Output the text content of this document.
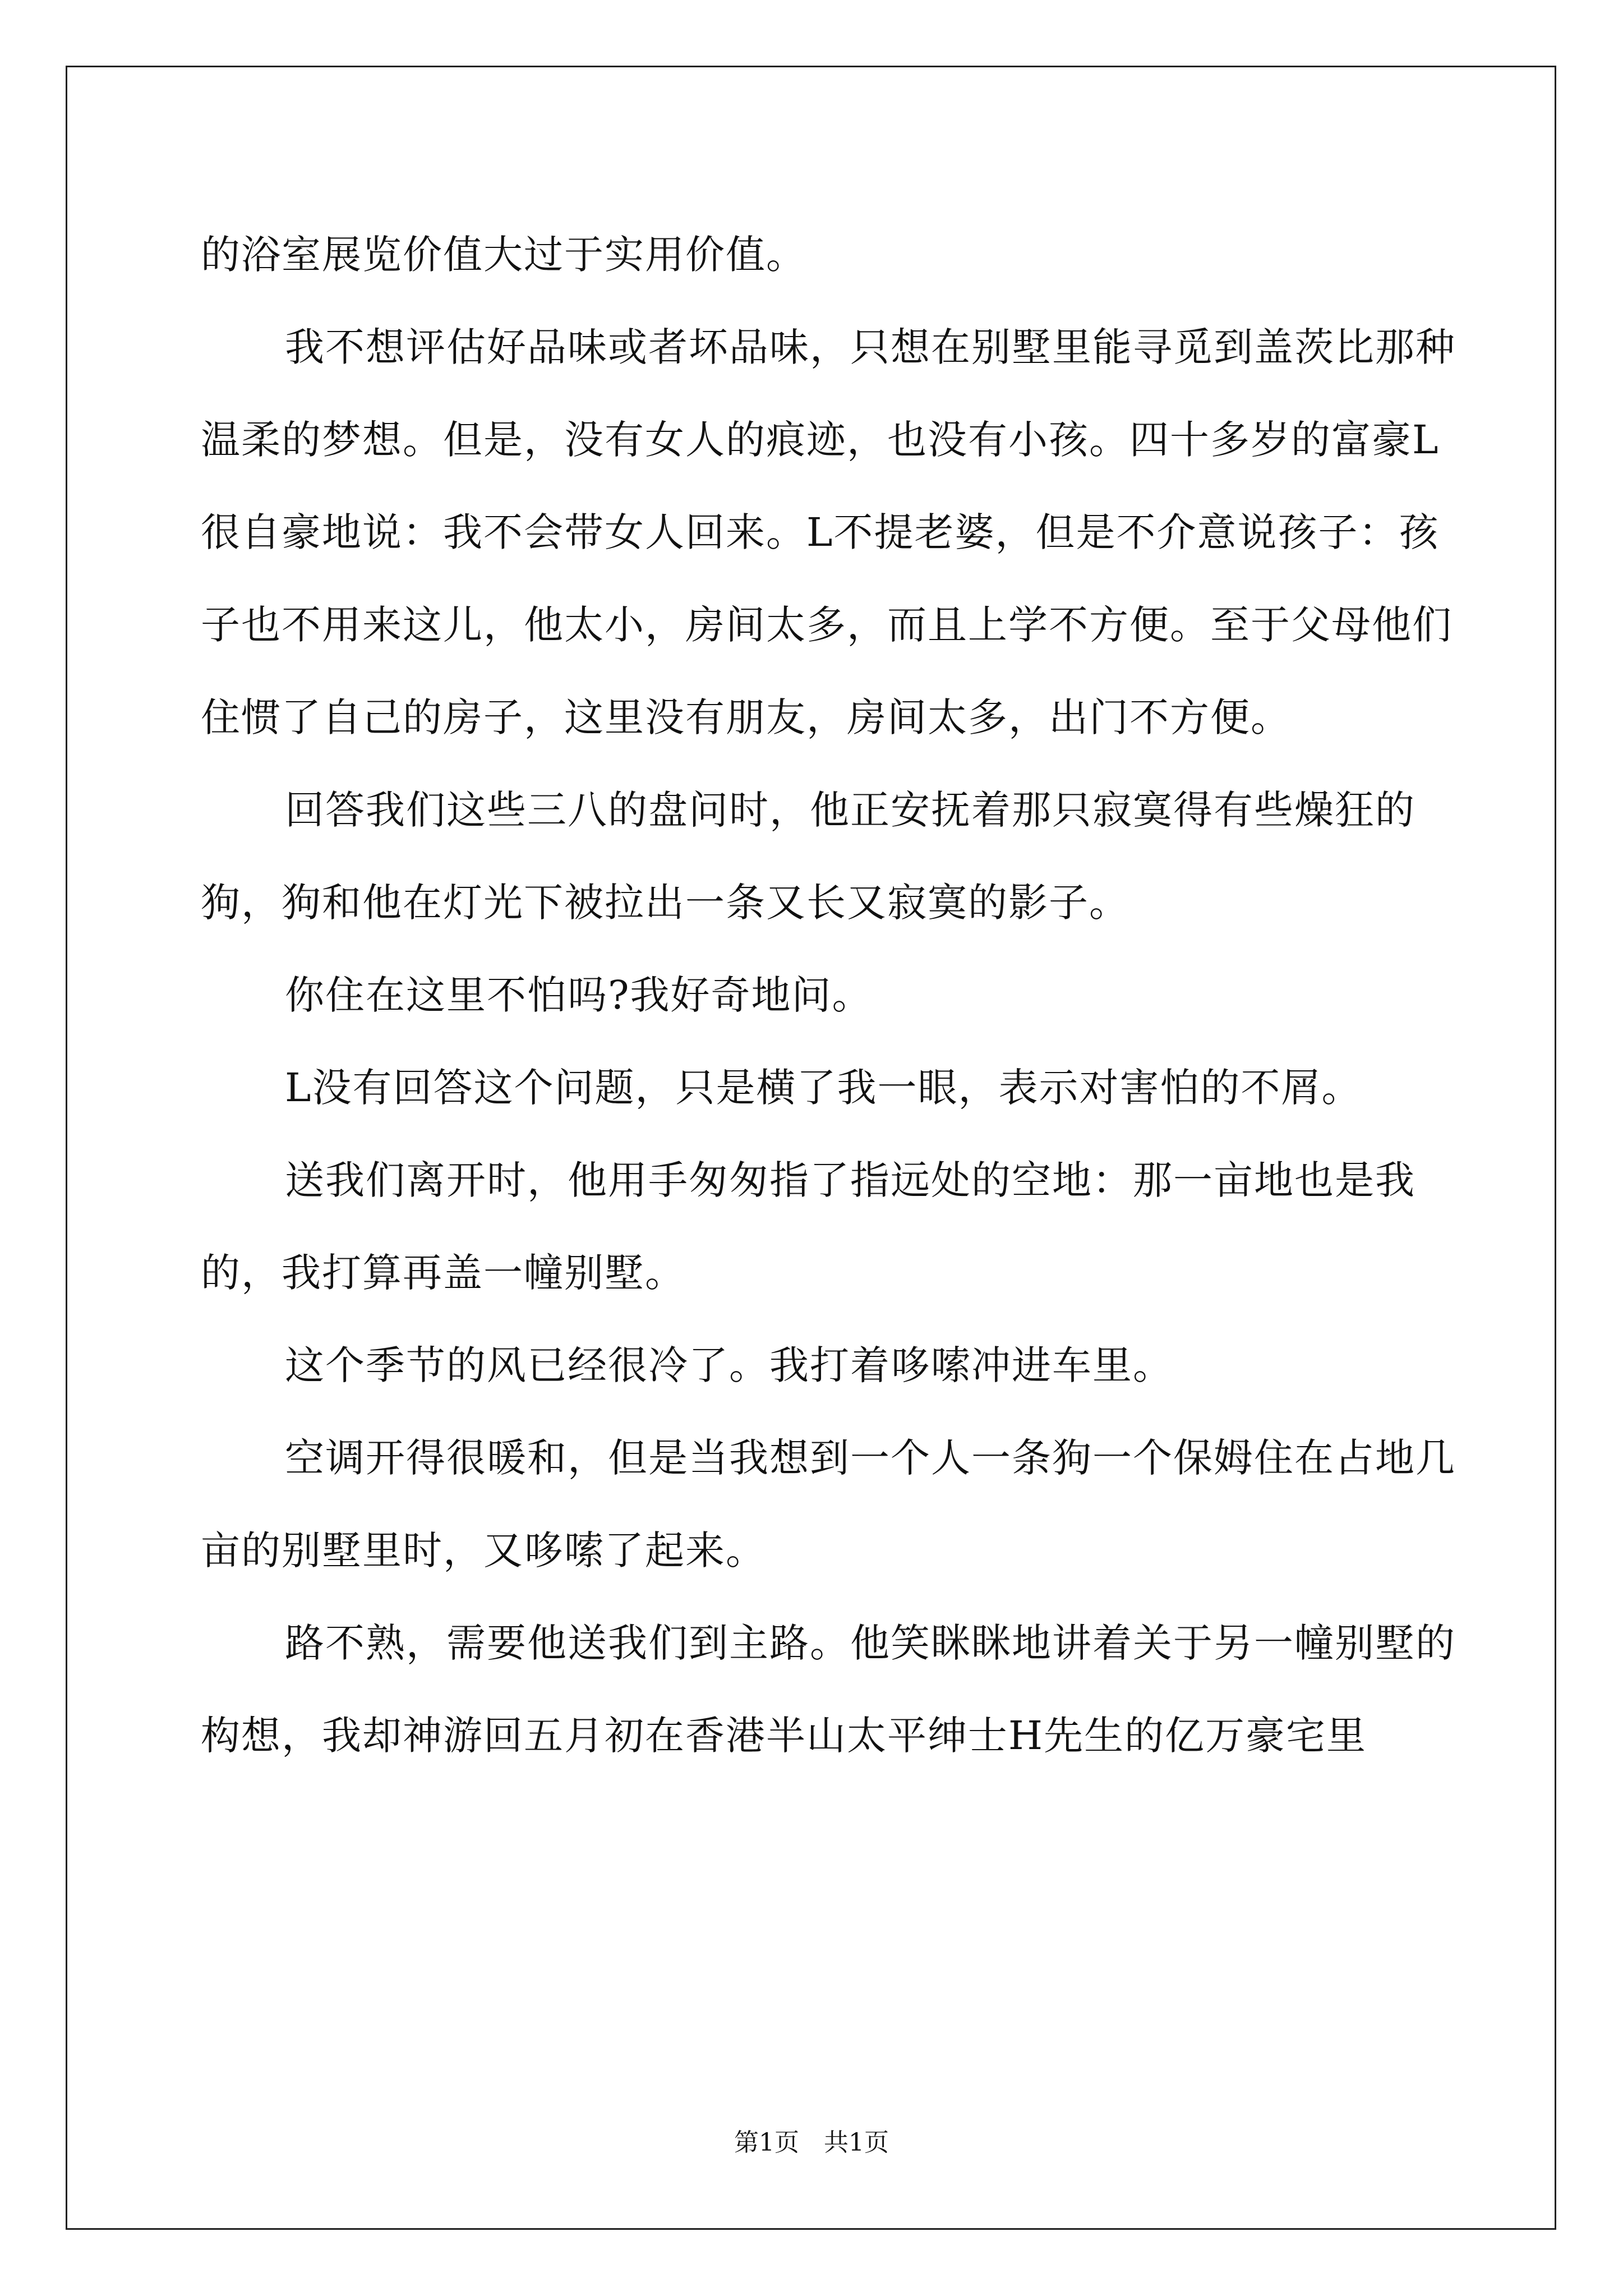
的浴室展览价值大过于实用价值。

我不想评估好品味或者坏品味，只想在别墅里能寻觅到盖茨比那种温柔的梦想。但是，没有女人的痕迹，也没有小孩。四十多岁的富豪L很自豪地说：我不会带女人回来。L不提老婆，但是不介意说孩子：孩子也不用来这儿，他太小，房间太多，而且上学不方便。至于父母他们住惯了自己的房子，这里没有朋友，房间太多，出门不方便。

回答我们这些三八的盘问时，他正安抚着那只寂寞得有些燥狂的狗，狗和他在灯光下被拉出一条又长又寂寞的影子。

你住在这里不怕吗?我好奇地问。

L没有回答这个问题，只是横了我一眼，表示对害怕的不屑。

送我们离开时，他用手匆匆指了指远处的空地：那一亩地也是我的，我打算再盖一幢别墅。

这个季节的风已经很冷了。我打着哆嗦冲进车里。

空调开得很暖和，但是当我想到一个人一条狗一个保姆住在占地几亩的别墅里时，又哆嗦了起来。

路不熟，需要他送我们到主路。他笑眯眯地讲着关于另一幢别墅的构想，我却神游回五月初在香港半山太平绅士H先生的亿万豪宅里

第1页　共1页
